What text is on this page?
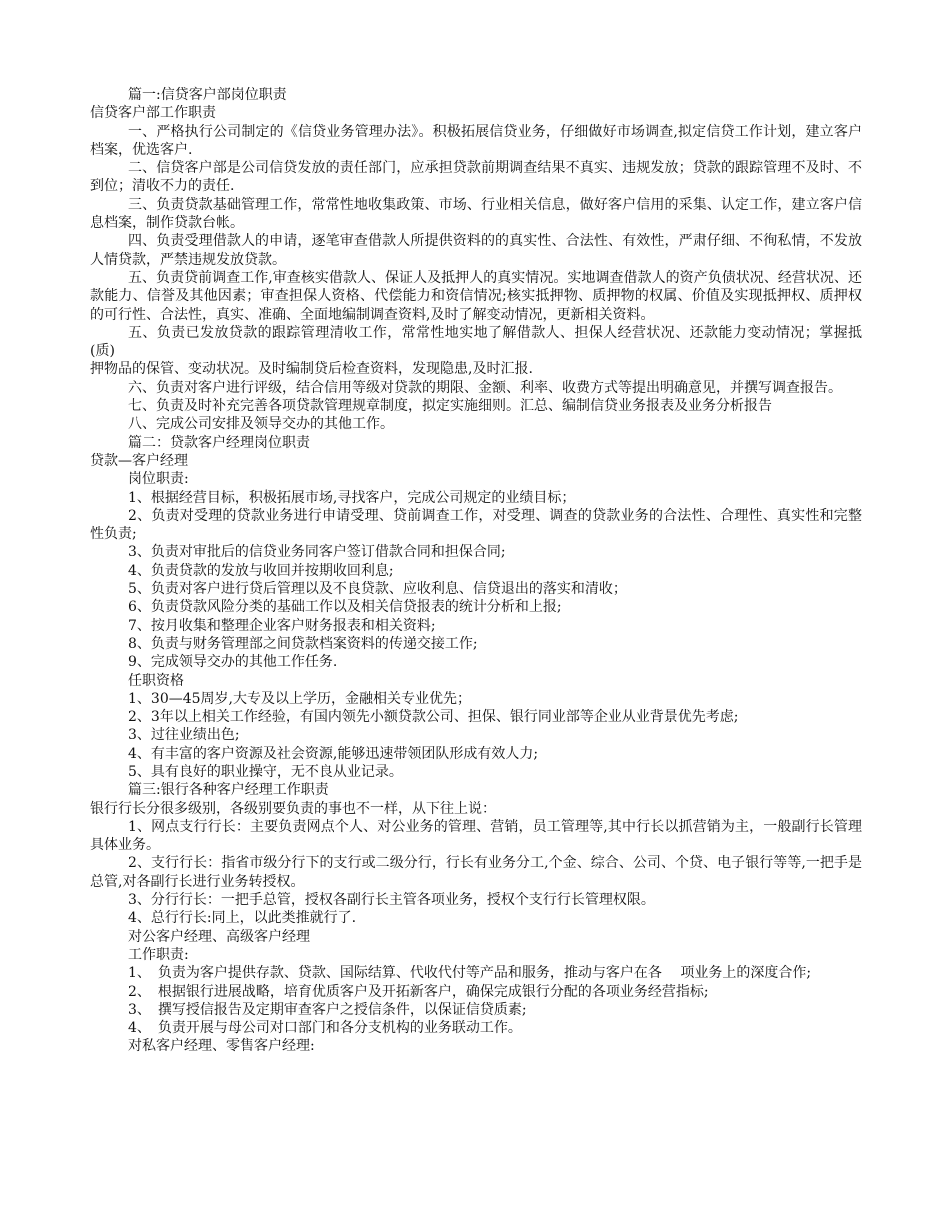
篇一:信贷客户部岗位职责

信贷客户部工作职责

一、严格执行公司制定的《信贷业务管理办法》。积极拓展信贷业务，仔细做好市场调查,拟定信贷工作计划，建立客户档案，优选客户.

二、信贷客户部是公司信贷发放的责任部门，应承担贷款前期调查结果不真实、违规发放；贷款的跟踪管理不及时、不到位；清收不力的责任.

三、负责贷款基础管理工作，常常性地收集政策、市场、行业相关信息，做好客户信用的采集、认定工作，建立客户信息档案，制作贷款台帐。

四、负责受理借款人的申请，逐笔审查借款人所提供资料的的真实性、合法性、有效性，严肃仔细、不徇私情，不发放人情贷款，严禁违规发放贷款。

五、负责贷前调查工作,审查核实借款人、保证人及抵押人的真实情况。实地调查借款人的资产负债状况、经营状况、还款能力、信誉及其他因素；审查担保人资格、代偿能力和资信情况;核实抵押物、质押物的权属、价值及实现抵押权、质押权的可行性、合法性，真实、准确、全面地编制调查资料,及时了解变动情况，更新相关资料。

五、负责已发放贷款的跟踪管理清收工作，常常性地实地了解借款人、担保人经营状况、还款能力变动情况；掌握抵(质)

押物品的保管、变动状况。及时编制贷后检查资料，发现隐患,及时汇报.

六、负责对客户进行评级，结合信用等级对贷款的期限、金额、利率、收费方式等提出明确意见，并撰写调查报告。

七、负责及时补充完善各项贷款管理规章制度，拟定实施细则。汇总、编制信贷业务报表及业务分析报告

八、完成公司安排及领导交办的其他工作。

篇二：贷款客户经理岗位职责

贷款—客户经理

岗位职责:

1、根据经营目标，积极拓展市场,寻找客户，完成公司规定的业绩目标；

2、负责对受理的贷款业务进行申请受理、贷前调查工作，对受理、调查的贷款业务的合法性、合理性、真实性和完整性负责;

3、负责对审批后的信贷业务同客户签订借款合同和担保合同;

4、负责贷款的发放与收回并按期收回利息;

5、负责对客户进行贷后管理以及不良贷款、应收利息、信贷退出的落实和清收；

6、负责贷款风险分类的基础工作以及相关信贷报表的统计分析和上报;

7、按月收集和整理企业客户财务报表和相关资料;

8、负责与财务管理部之间贷款档案资料的传递交接工作;

9、完成领导交办的其他工作任务.

任职资格

1、30—45周岁,大专及以上学历，金融相关专业优先；

2、3年以上相关工作经验，有国内领先小额贷款公司、担保、银行同业部等企业从业背景优先考虑;

3、过往业绩出色;

4、有丰富的客户资源及社会资源,能够迅速带领团队形成有效人力;

5、具有良好的职业操守，无不良从业记录。

篇三:银行各种客户经理工作职责

银行行长分很多级别，各级别要负责的事也不一样，从下往上说：

1、网点支行行长：主要负责网点个人、对公业务的管理、营销，员工管理等,其中行长以抓营销为主，一般副行长管理具体业务。

2、支行行长：指省市级分行下的支行或二级分行，行长有业务分工,个金、综合、公司、个贷、电子银行等等,一把手是总管,对各副行长进行业务转授权。

3、分行行长：一把手总管，授权各副行长主管各项业务，授权个支行行长管理权限。

4、总行行长:同上，以此类推就行了.

对公客户经理、高级客户经理

工作职责:

1、　负责为客户提供存款、贷款、国际结算、代收代付等产品和服务，推动与客户在各　 项业务上的深度合作;

2、　根据银行进展战略，培育优质客户及开拓新客户，确保完成银行分配的各项业务经营指标;

3、　撰写授信报告及定期审查客户之授信条件，以保证信贷质素;

4、　负责开展与母公司对口部门和各分支机构的业务联动工作。

对私客户经理、零售客户经理:
